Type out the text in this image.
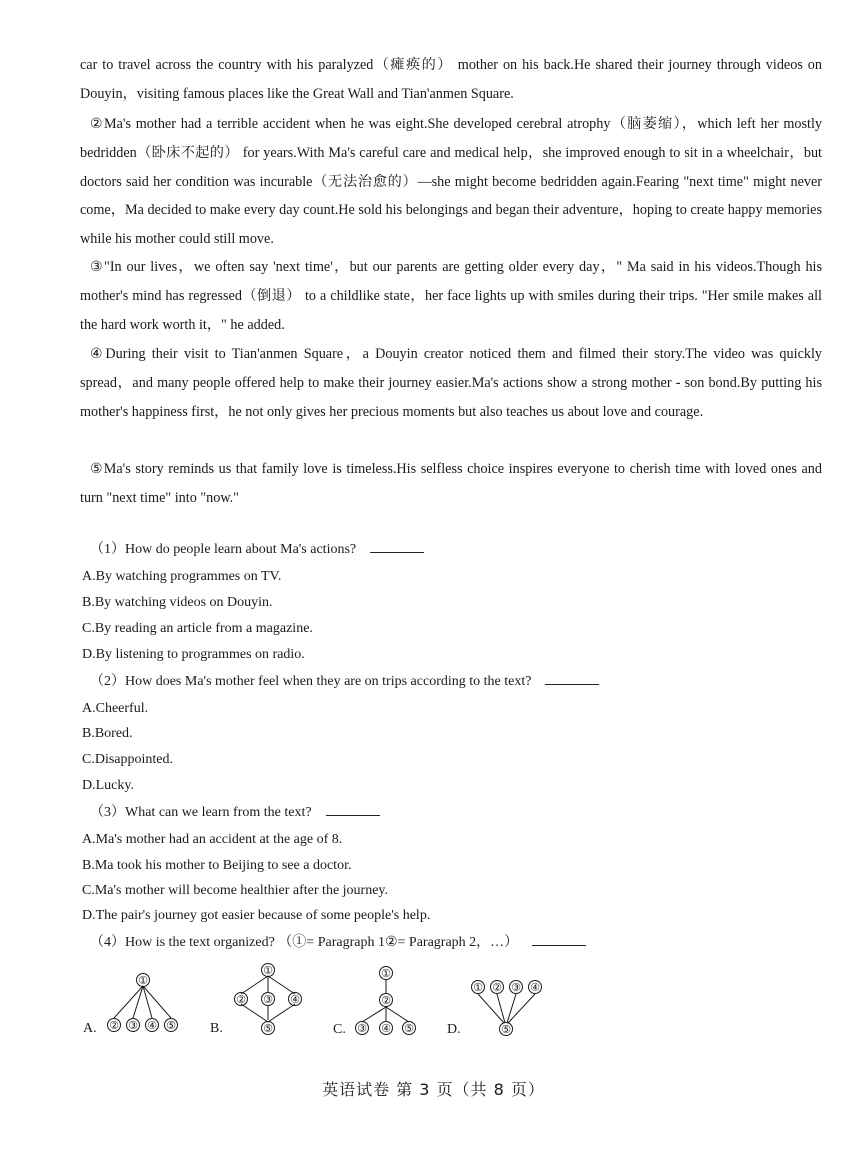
car to travel across the country with his paralyzed（瘫痪的） mother on his back.He shared their journey through videos on Douyin，visiting famous places like the Great Wall and Tian'anmen Square.
②Ma's mother had a terrible accident when he was eight.She developed cerebral atrophy（脑萎缩），which left her mostly bedridden（卧床不起的） for years.With Ma's careful care and medical help，she improved enough to sit in a wheelchair，but doctors said her condition was incurable（无法治愈的）—she might become bedridden again.Fearing "next time" might never come，Ma decided to make every day count.He sold his belongings and began their adventure，hoping to create happy memories while his mother could still move.
③"In our lives，we often say 'next time'，but our parents are getting older every day，" Ma said in his videos.Though his mother's mind has regressed（倒退） to a childlike state，her face lights up with smiles during their trips. "Her smile makes all the hard work worth it，" he added.
④During their visit to Tian'anmen Square，a Douyin creator noticed them and filmed their story.The video was quickly spread，and many people offered help to make their journey easier.Ma's actions show a strong mother - son bond.By putting his mother's happiness first，he not only gives her precious moments but also teaches us about love and courage.
⑤Ma's story reminds us that family love is timeless.His selfless choice inspires everyone to cherish time with loved ones and turn "next time" into "now."
（1）How do people learn about Ma's actions?
A.By watching programmes on TV.
B.By watching videos on Douyin.
C.By reading an article from a magazine.
D.By listening to programmes on radio.
（2）How does Ma's mother feel when they are on trips according to the text?
A.Cheerful.
B.Bored.
C.Disappointed.
D.Lucky.
（3）What can we learn from the text?
A.Ma's mother had an accident at the age of 8.
B.Ma took his mother to Beijing to see a doctor.
C.Ma's mother will become healthier after the journey.
D.The pair's journey got easier because of some people's help.
（4）How is the text organized? （①= Paragraph 1②= Paragraph 2，…）
A.
①
② ③ ④ ⑤ B.
①
② ③ ④
⑤	C.
①
②
③ ④ ⑤ D.
① ② ③ ④
⑤
英语试卷 第 3 页（共 8 页）
